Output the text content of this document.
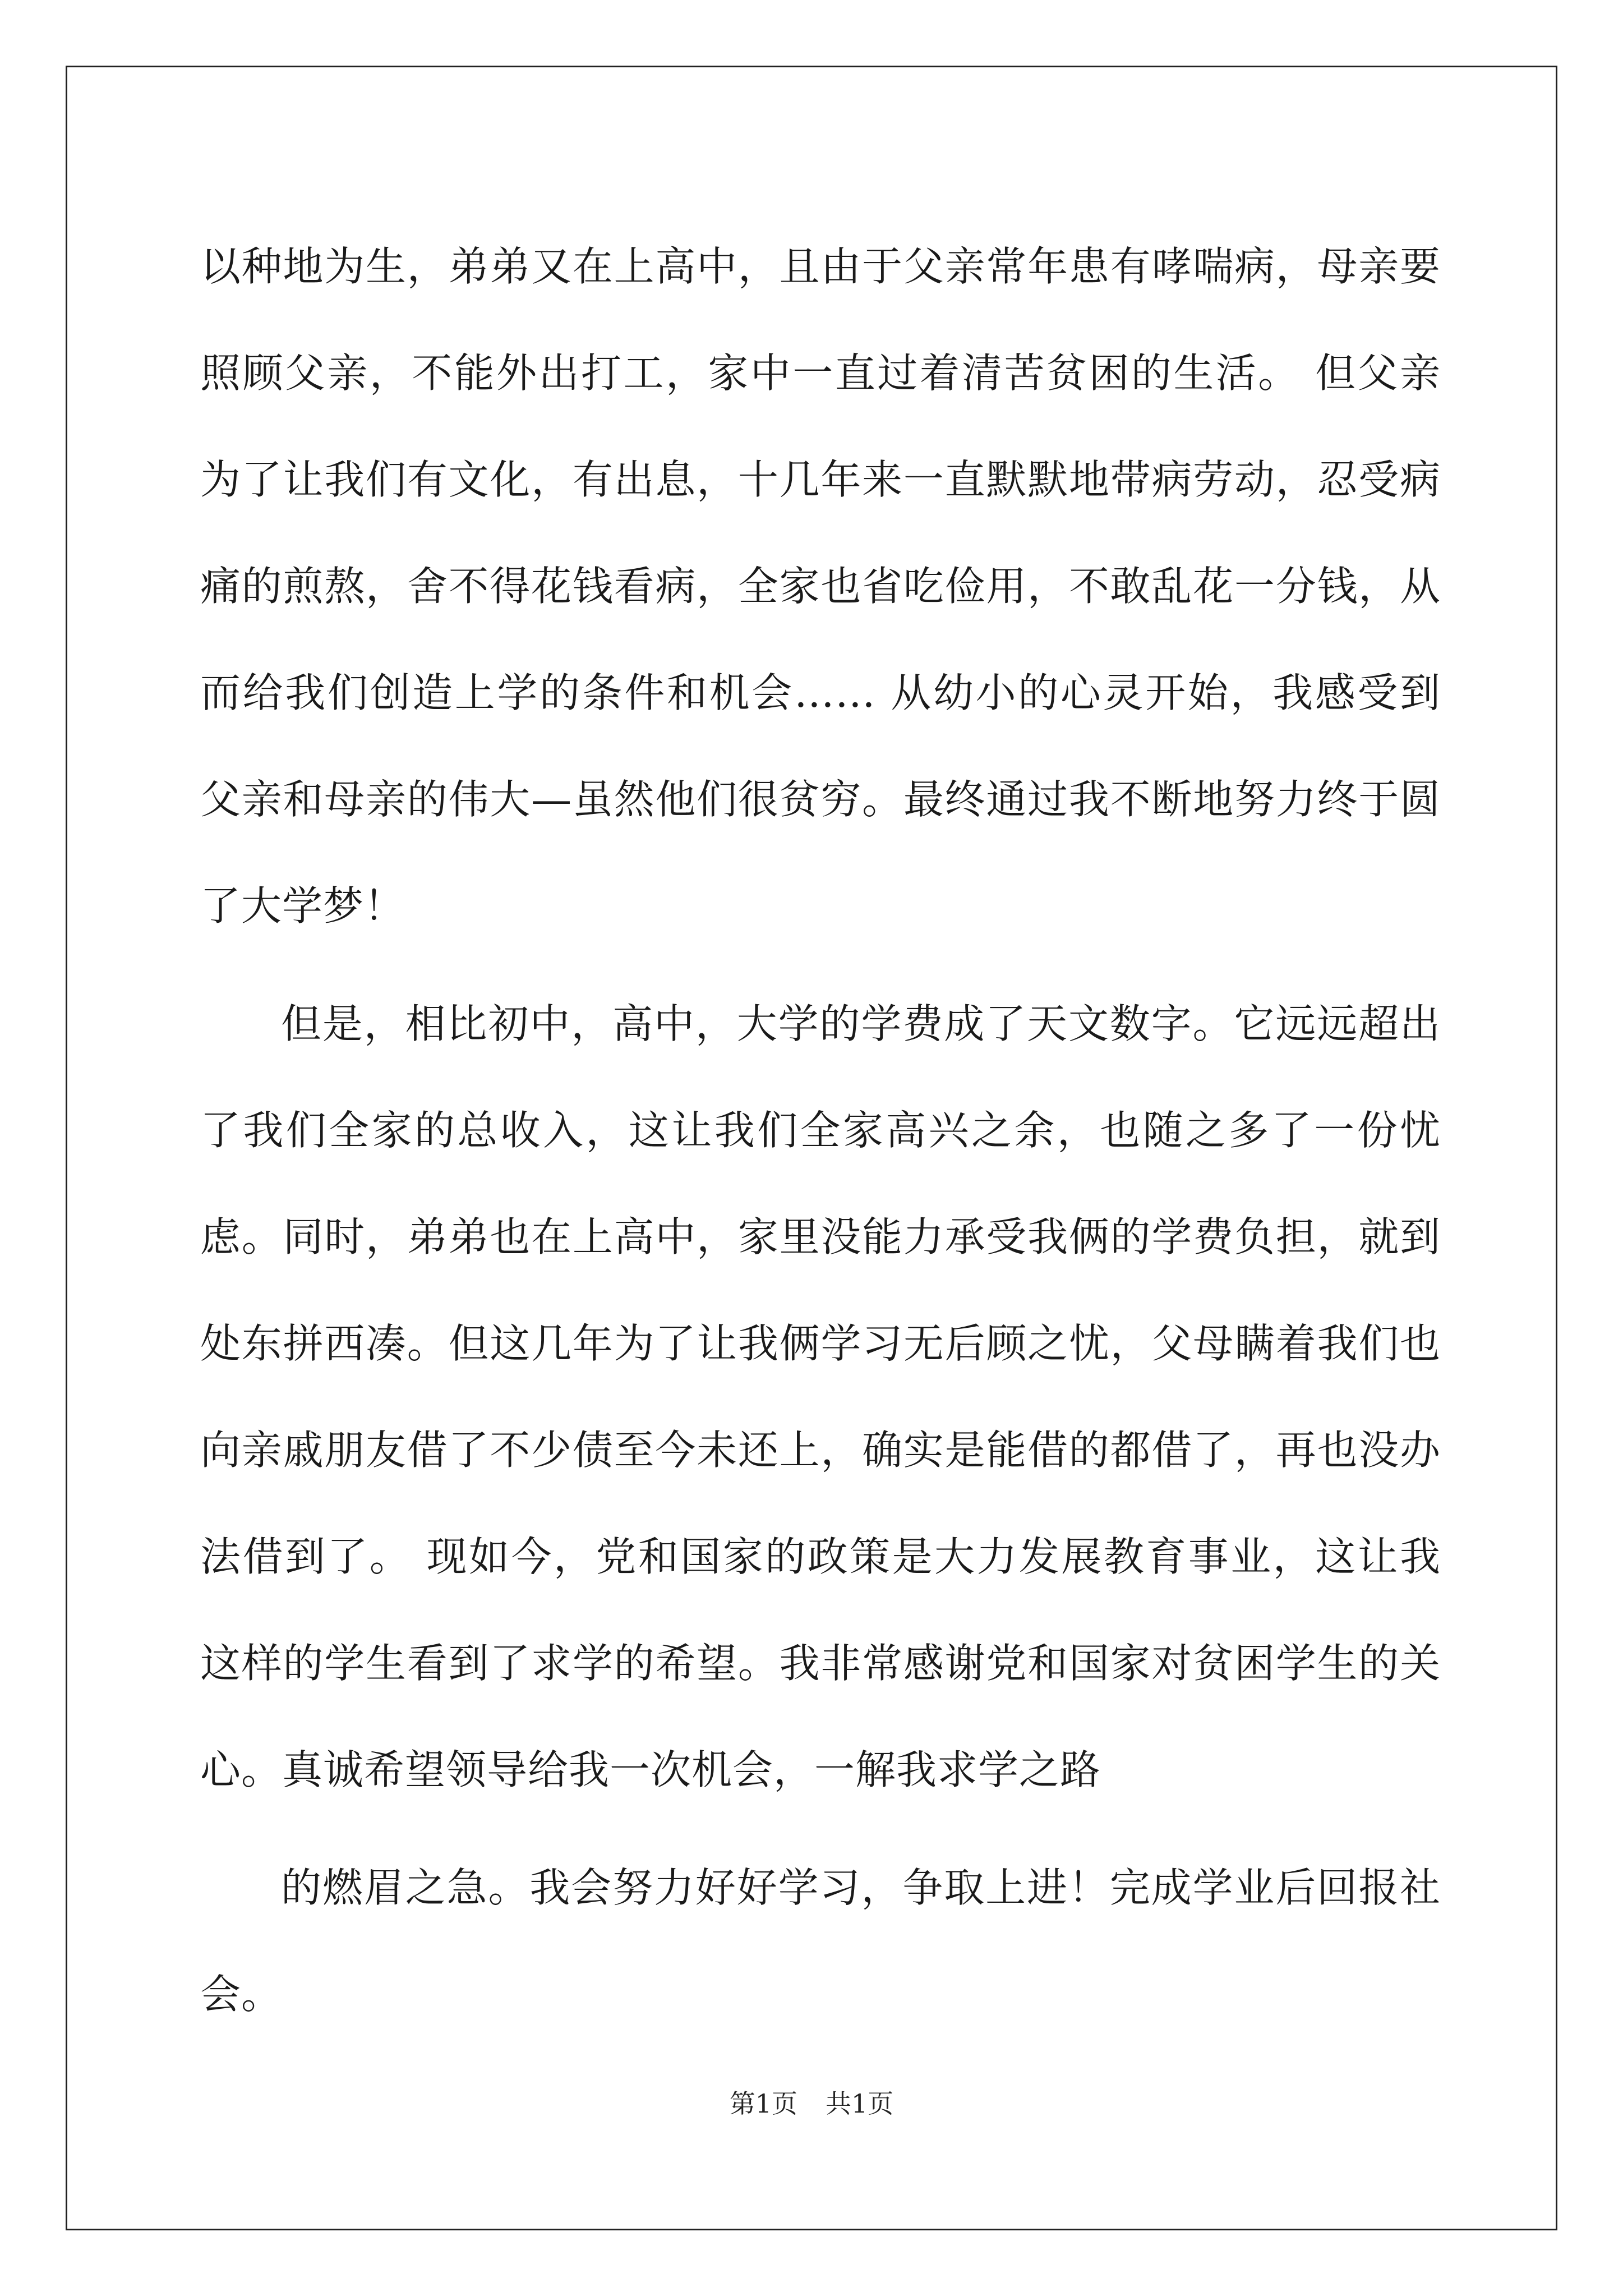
以种地为生，弟弟又在上高中，且由于父亲常年患有哮喘病，母亲要照顾父亲，不能外出打工，家中一直过着清苦贫困的生活。 但父亲为了让我们有文化，有出息，十几年来一直默默地带病劳动，忍受病痛的煎熬，舍不得花钱看病，全家也省吃俭用，不敢乱花一分钱，从而给我们创造上学的条件和机会…… 从幼小的心灵开始，我感受到父亲和母亲的伟大—虽然他们很贫穷。最终通过我不断地努力终于圆了大学梦！

但是，相比初中，高中，大学的学费成了天文数字。它远远超出了我们全家的总收入，这让我们全家高兴之余，也随之多了一份忧虑。同时，弟弟也在上高中，家里没能力承受我俩的学费负担，就到处东拼西凑。但这几年为了让我俩学习无后顾之忧，父母瞒着我们也向亲戚朋友借了不少债至今未还上，确实是能借的都借了，再也没办法借到了。 现如今，党和国家的政策是大力发展教育事业，这让我这样的学生看到了求学的希望。我非常感谢党和国家对贫困学生的关心。真诚希望领导给我一次机会，一解我求学之路

的燃眉之急。我会努力好好学习，争取上进！完成学业后回报社会。

第1页 共1页
